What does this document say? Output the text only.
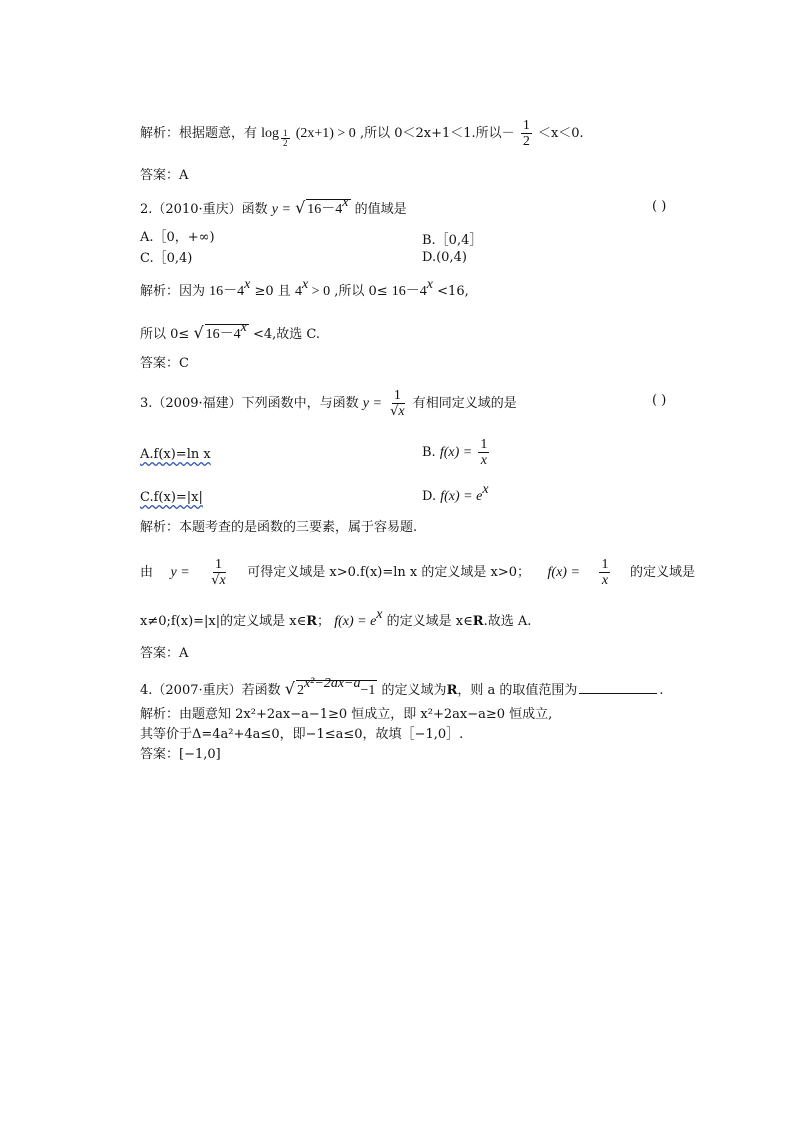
解析：根据题意，有 log $_{\frac{1}{2}}$ (2x+1) > 0 ,所以 0＜2x+1＜1.所以－ $\frac{1}{2} <x<0$.
答案：A
2.（2010·重庆）函数 y = √ $16-4^x$ 的值域是	( )
A.［0，+∞)	B.［0,4］
C.［0,4)	D.(0,4)
解析：因为 $16-4^x \ge 0$ 且 $4^x > 0$ ,所以 $0\le 16-4^x <16$,
所以 0≤ √ $16-4^x <4$,故选 C.
答案：C
3.（2009·福建）下列函数中，与函数 $y = \frac{1}{√x}$ 有相同定义域的是	( )
A.f(x)=ln x	B. $f(x) = \frac{1}{x}$
C.f(x)=|x|	D. $f(x) = e^x$
解析：本题考查的是函数的三要素，属于容易题.
由 $y = \frac{1}{√x}$ 可得定义域是 x>0.f(x)=ln x 的定义域是 x>0； $f(x) = \frac{1}{x}$ 的定义域是
x≠0;f(x)=|x|的定义域是 x∈R； $f(x) = e^x$ 的定义域是 x∈R.故选 A.
答案：A
4.（2007·重庆）若函数 √ $2^{x^2-2ax-a}-1$ 的定义域为R，则 a 的取值范围为	.
解析：由题意知 2x²+2ax−a−1≥0 恒成立，即 x²+2ax−a≥0 恒成立,
其等价于Δ=4a²+4a≤0，即−1≤a≤0，故填［−1,0］.
答案：[−1,0]
